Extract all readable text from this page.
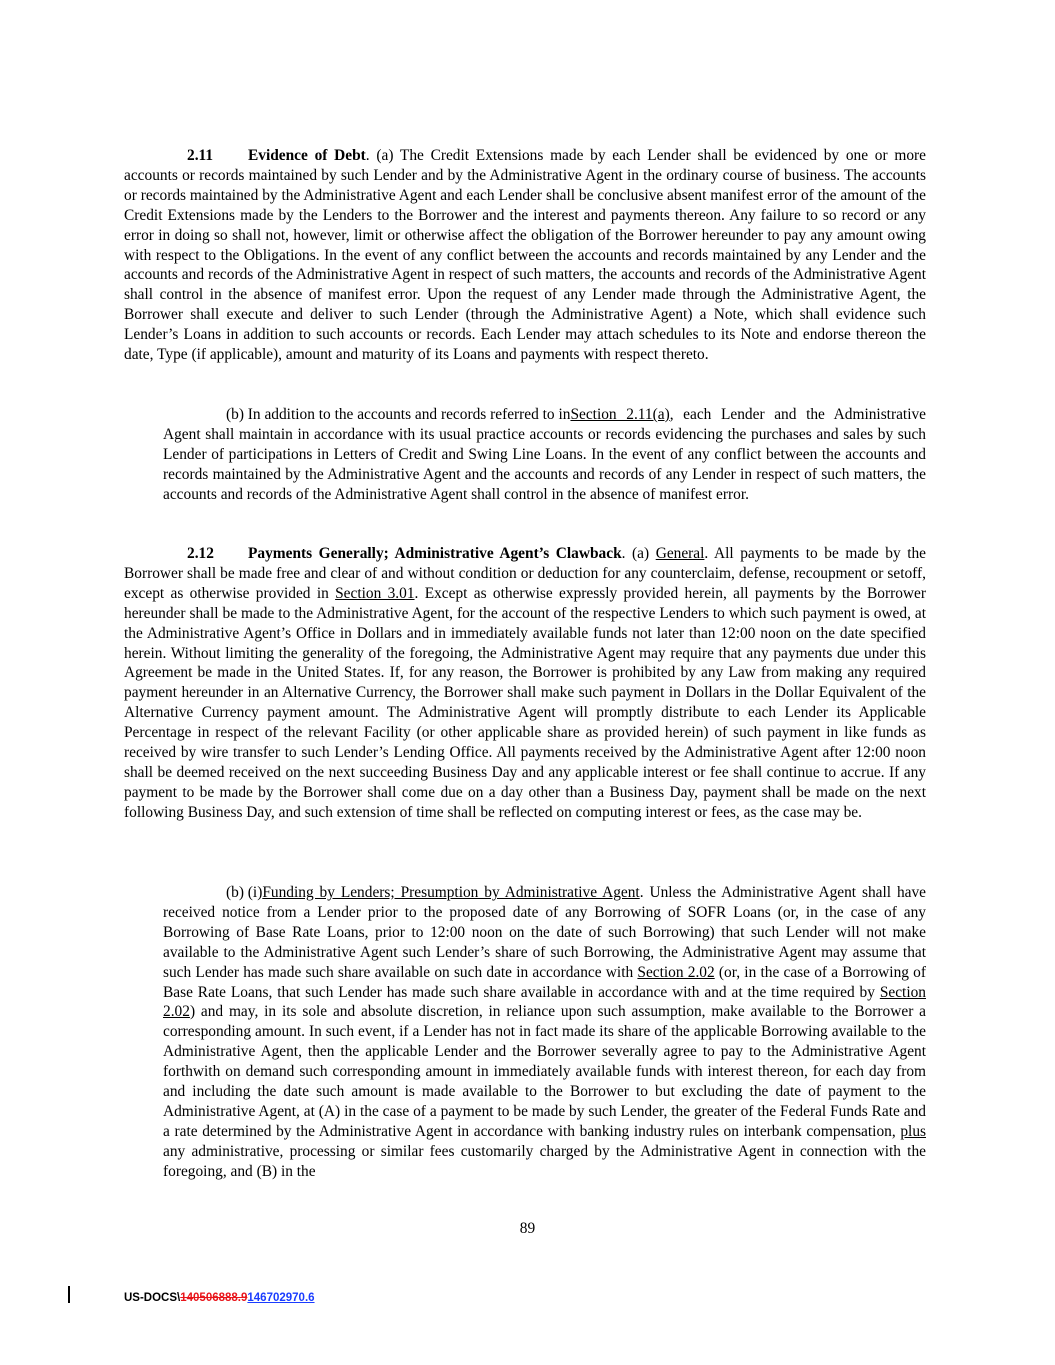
2.11 Evidence of Debt. (a) The Credit Extensions made by each Lender shall be evidenced by one or more accounts or records maintained by such Lender and by the Administrative Agent in the ordinary course of business. The accounts or records maintained by the Administrative Agent and each Lender shall be conclusive absent manifest error of the amount of the Credit Extensions made by the Lenders to the Borrower and the interest and payments thereon. Any failure to so record or any error in doing so shall not, however, limit or otherwise affect the obligation of the Borrower hereunder to pay any amount owing with respect to the Obligations. In the event of any conflict between the accounts and records maintained by any Lender and the accounts and records of the Administrative Agent in respect of such matters, the accounts and records of the Administrative Agent shall control in the absence of manifest error. Upon the request of any Lender made through the Administrative Agent, the Borrower shall execute and deliver to such Lender (through the Administrative Agent) a Note, which shall evidence such Lender’s Loans in addition to such accounts or records. Each Lender may attach schedules to its Note and endorse thereon the date, Type (if applicable), amount and maturity of its Loans and payments with respect thereto.

(b) In addition to the accounts and records referred to inSection 2.11(a), each Lender and the Administrative Agent shall maintain in accordance with its usual practice accounts or records evidencing the purchases and sales by such Lender of participations in Letters of Credit and Swing Line Loans. In the event of any conflict between the accounts and records maintained by the Administrative Agent and the accounts and records of any Lender in respect of such matters, the accounts and records of the Administrative Agent shall control in the absence of manifest error.

2.12 Payments Generally; Administrative Agent’s Clawback. (a) General. All payments to be made by the Borrower shall be made free and clear of and without condition or deduction for any counterclaim, defense, recoupment or setoff, except as otherwise provided in Section 3.01. Except as otherwise expressly provided herein, all payments by the Borrower hereunder shall be made to the Administrative Agent, for the account of the respective Lenders to which such payment is owed, at the Administrative Agent’s Office in Dollars and in immediately available funds not later than 12:00 noon on the date specified herein. Without limiting the generality of the foregoing, the Administrative Agent may require that any payments due under this Agreement be made in the United States. If, for any reason, the Borrower is prohibited by any Law from making any required payment hereunder in an Alternative Currency, the Borrower shall make such payment in Dollars in the Dollar Equivalent of the Alternative Currency payment amount. The Administrative Agent will promptly distribute to each Lender its Applicable Percentage in respect of the relevant Facility (or other applicable share as provided herein) of such payment in like funds as received by wire transfer to such Lender’s Lending Office. All payments received by the Administrative Agent after 12:00 noon shall be deemed received on the next succeeding Business Day and any applicable interest or fee shall continue to accrue. If any payment to be made by the Borrower shall come due on a day other than a Business Day, payment shall be made on the next following Business Day, and such extension of time shall be reflected on computing interest or fees, as the case may be.

(b) (i)Funding by Lenders; Presumption by Administrative Agent. Unless the Administrative Agent shall have received notice from a Lender prior to the proposed date of any Borrowing of SOFR Loans (or, in the case of any Borrowing of Base Rate Loans, prior to 12:00 noon on the date of such Borrowing) that such Lender will not make available to the Administrative Agent such Lender’s share of such Borrowing, the Administrative Agent may assume that such Lender has made such share available on such date in accordance with Section 2.02 (or, in the case of a Borrowing of Base Rate Loans, that such Lender has made such share available in accordance with and at the time required by Section 2.02) and may, in its sole and absolute discretion, in reliance upon such assumption, make available to the Borrower a corresponding amount. In such event, if a Lender has not in fact made its share of the applicable Borrowing available to the Administrative Agent, then the applicable Lender and the Borrower severally agree to pay to the Administrative Agent forthwith on demand such corresponding amount in immediately available funds with interest thereon, for each day from and including the date such amount is made available to the Borrower to but excluding the date of payment to the Administrative Agent, at (A) in the case of a payment to be made by such Lender, the greater of the Federal Funds Rate and a rate determined by the Administrative Agent in accordance with banking industry rules on interbank compensation, plus any administrative, processing or similar fees customarily charged by the Administrative Agent in connection with the foregoing, and (B) in the

89
US-DOCS\140506888.9146702970.6
